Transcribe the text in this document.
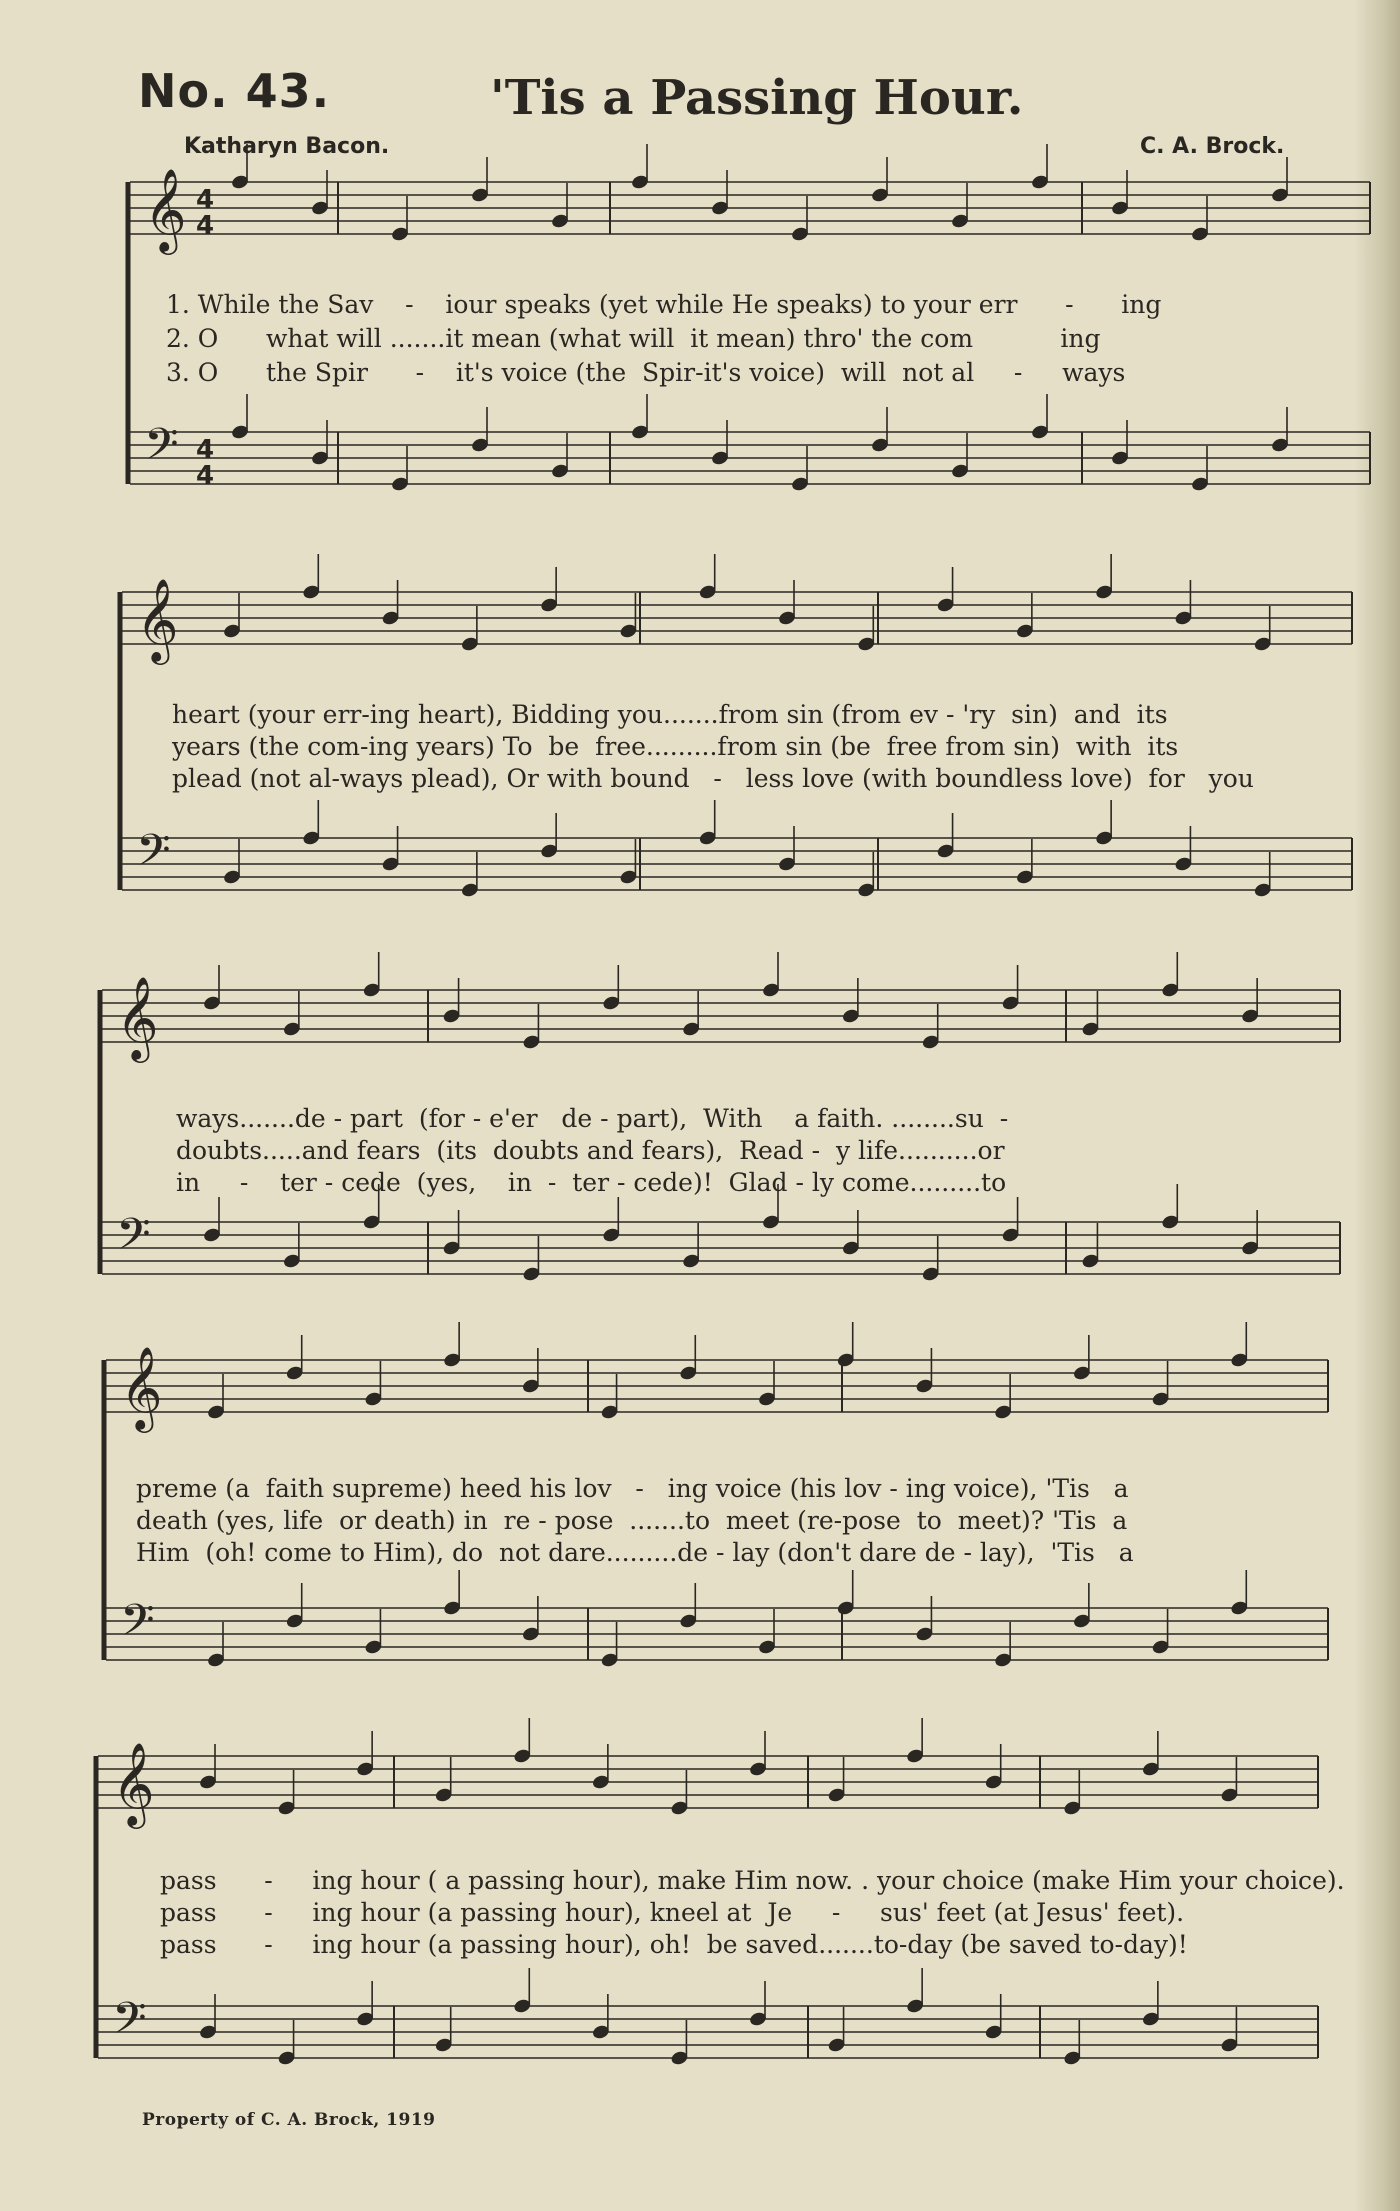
No. 43.	'Tis a Passing Hour.
Katharyn Bacon.	C. A. Brock.
𝄞
𝄢
𝄞
𝄢
𝄞
𝄢
𝄞
𝄢
𝄞
𝄢
4
4
4
4
1. While the Sav    -    iour speaks (yet while He speaks) to your err      -      ing
2. O      what will .......it mean (what will  it mean) thro' the com           ing
3. O      the Spir      -    it's voice (the  Spir-it's voice)  will  not al     -     ways
heart (your err-ing heart), Bidding you.......from sin (from ev - 'ry  sin)  and  its
years (the com-ing years) To  be  free.........from sin (be  free from sin)  with  its
plead (not al-ways plead), Or with bound   -   less love (with boundless love)  for   you
ways.......de - part  (for - e'er   de - part),  With    a faith. ........su  -
doubts.....and fears  (its  doubts and fears),  Read -  y life..........or
in     -    ter - cede  (yes,    in  -  ter - cede)!  Glad - ly come.........to
preme (a  faith supreme) heed his lov   -   ing voice (his lov - ing voice), 'Tis   a
death (yes, life  or death) in  re - pose  .......to  meet (re-pose  to  meet)? 'Tis  a
Him  (oh! come to Him), do  not dare.........de - lay (don't dare de - lay),  'Tis   a
pass      -     ing hour ( a passing hour), make Him now. . your choice (make Him your choice).
pass      -     ing hour (a passing hour), kneel at  Je     -     sus' feet (at Jesus' feet).
pass      -     ing hour (a passing hour), oh!  be saved.......to-day (be saved to-day)!
Property of C. A. Brock, 1919
